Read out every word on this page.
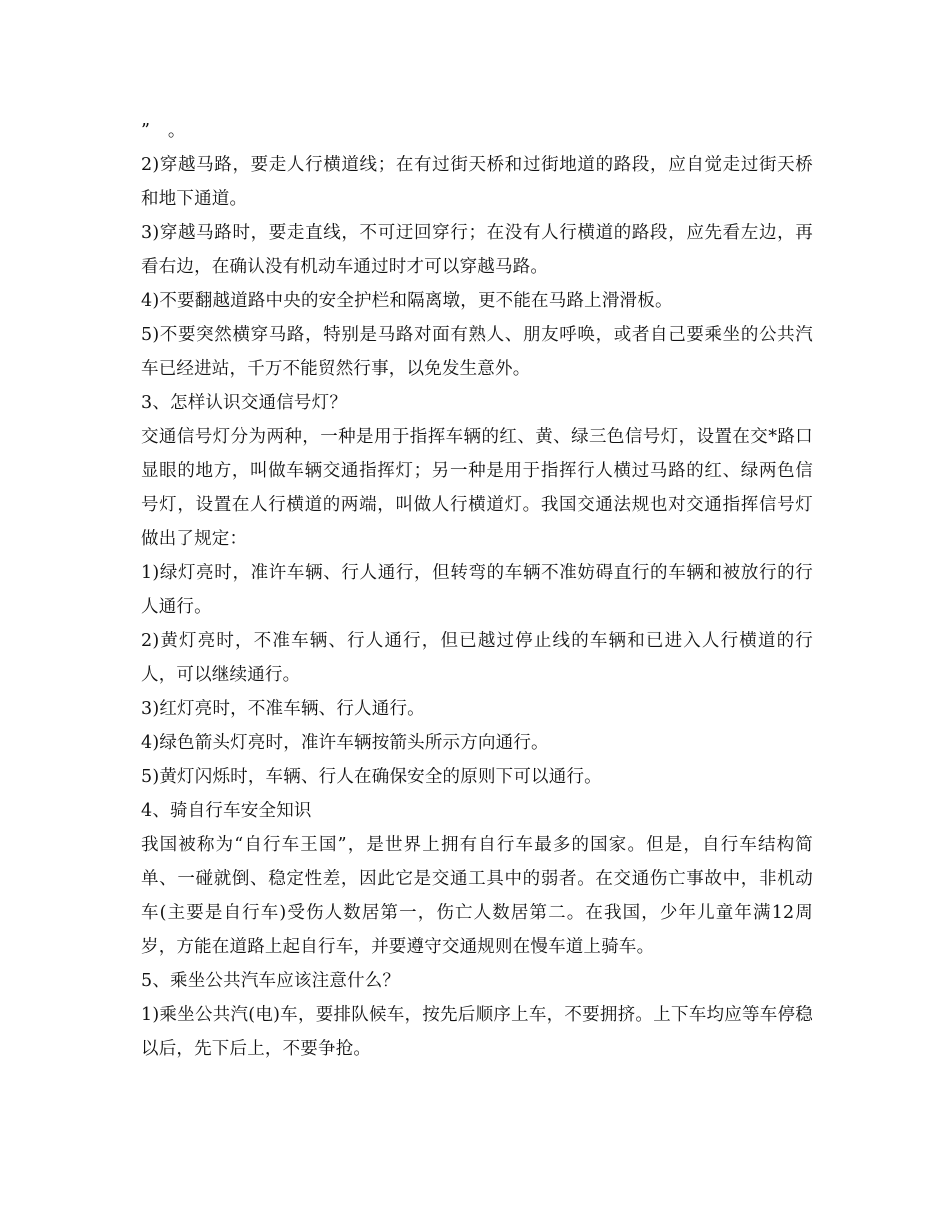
”　。

2)穿越马路，要走人行横道线；在有过街天桥和过街地道的路段，应自觉走过街天桥和地下通道。

3)穿越马路时，要走直线，不可迂回穿行；在没有人行横道的路段，应先看左边，再看右边，在确认没有机动车通过时才可以穿越马路。

4)不要翻越道路中央的安全护栏和隔离墩，更不能在马路上滑滑板。

5)不要突然横穿马路，特别是马路对面有熟人、朋友呼唤，或者自己要乘坐的公共汽车已经进站，千万不能贸然行事，以免发生意外。

3、怎样认识交通信号灯？

交通信号灯分为两种，一种是用于指挥车辆的红、黄、绿三色信号灯，设置在交*路口显眼的地方，叫做车辆交通指挥灯；另一种是用于指挥行人横过马路的红、绿两色信号灯，设置在人行横道的两端，叫做人行横道灯。我国交通法规也对交通指挥信号灯做出了规定：

1)绿灯亮时，准许车辆、行人通行，但转弯的车辆不准妨碍直行的车辆和被放行的行人通行。

2)黄灯亮时，不准车辆、行人通行，但已越过停止线的车辆和已进入人行横道的行人，可以继续通行。

3)红灯亮时，不准车辆、行人通行。

4)绿色箭头灯亮时，准许车辆按箭头所示方向通行。

5)黄灯闪烁时，车辆、行人在确保安全的原则下可以通行。

4、骑自行车安全知识

我国被称为“自行车王国”，是世界上拥有自行车最多的国家。但是，自行车结构简单、一碰就倒、稳定性差，因此它是交通工具中的弱者。在交通伤亡事故中，非机动车(主要是自行车)受伤人数居第一，伤亡人数居第二。在我国，少年儿童年满12周岁，方能在道路上起自行车，并要遵守交通规则在慢车道上骑车。

5、乘坐公共汽车应该注意什么？

1)乘坐公共汽(电)车，要排队候车，按先后顺序上车，不要拥挤。上下车均应等车停稳以后，先下后上，不要争抢。
